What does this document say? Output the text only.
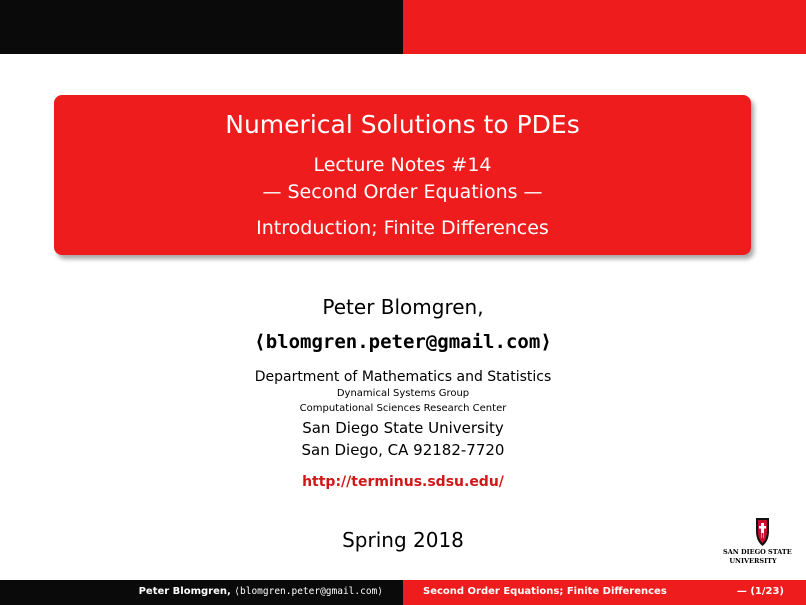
Numerical Solutions to PDEs
Lecture Notes #14
— Second Order Equations —
Introduction; Finite Differences
Peter Blomgren,
⟨blomgren.peter@gmail.com⟩
Department of Mathematics and Statistics
Dynamical Systems Group
Computational Sciences Research Center
San Diego State University
San Diego, CA 92182-7720
http://terminus.sdsu.edu/
Spring 2018	SAN DIEGO STATE
UNIVERSITY
Peter Blomgren, ⟨blomgren.peter@gmail.com⟩	Second Order Equations; Finite Differences	— (1/23)
